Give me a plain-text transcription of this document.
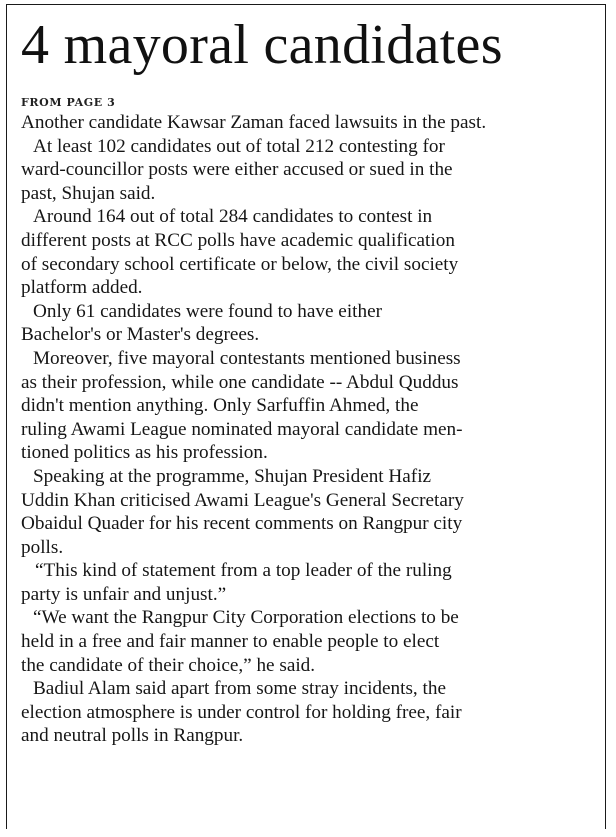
4 mayoral candidates
FROM PAGE 3
Another candidate Kawsar Zaman faced lawsuits in the past.
At least 102 candidates out of total 212 contesting for
ward-councillor posts were either accused or sued in the
past, Shujan said.
Around 164 out of total 284 candidates to contest in
different posts at RCC polls have academic qualification
of secondary school certificate or below, the civil society
platform added.
Only 61 candidates were found to have either
Bachelor's or Master's degrees.
Moreover, five mayoral contestants mentioned business
as their profession, while one candidate -- Abdul Quddus
didn't mention anything. Only Sarfuffin Ahmed, the
ruling Awami League nominated mayoral candidate men-
tioned politics as his profession.
Speaking at the programme, Shujan President Hafiz
Uddin Khan criticised Awami League's General Secretary
Obaidul Quader for his recent comments on Rangpur city
polls.
“This kind of statement from a top leader of the ruling
party is unfair and unjust.”
“We want the Rangpur City Corporation elections to be
held in a free and fair manner to enable people to elect
the candidate of their choice,” he said.
Badiul Alam said apart from some stray incidents, the
election atmosphere is under control for holding free, fair
and neutral polls in Rangpur.
